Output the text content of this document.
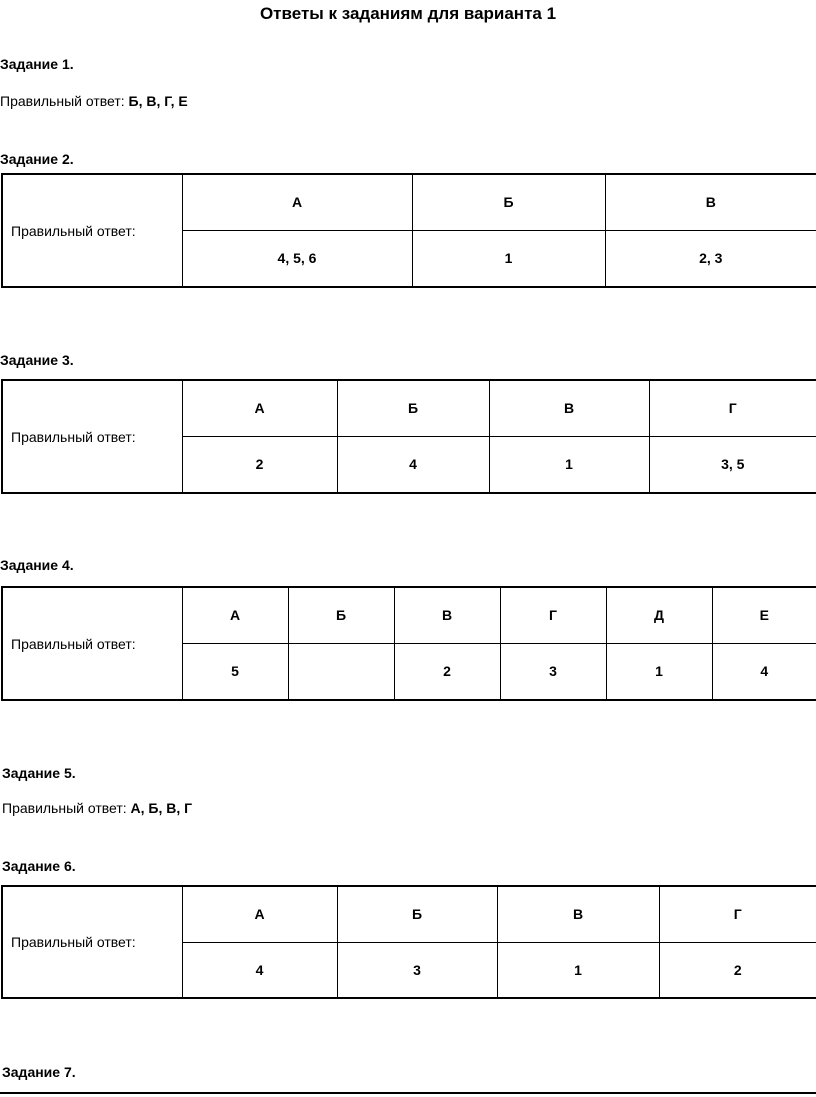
Ответы к заданиям для варианта 1
Задание 1.
Правильный ответ: Б, В, Г, Е
Задание 2.
Правильный ответ:	А	Б	В
	4, 5, 6	1	2, 3
Задание 3.
Правильный ответ:	А	Б	В	Г
	2	4	1	3, 5
Задание 4.
Правильный ответ:	А	Б	В	Г	Д	Е
	5		2	3	1	4
Задание 5.
Правильный ответ: А, Б, В, Г
Задание 6.
Правильный ответ:	А	Б	В	Г
	4	3	1	2
Задание 7.
